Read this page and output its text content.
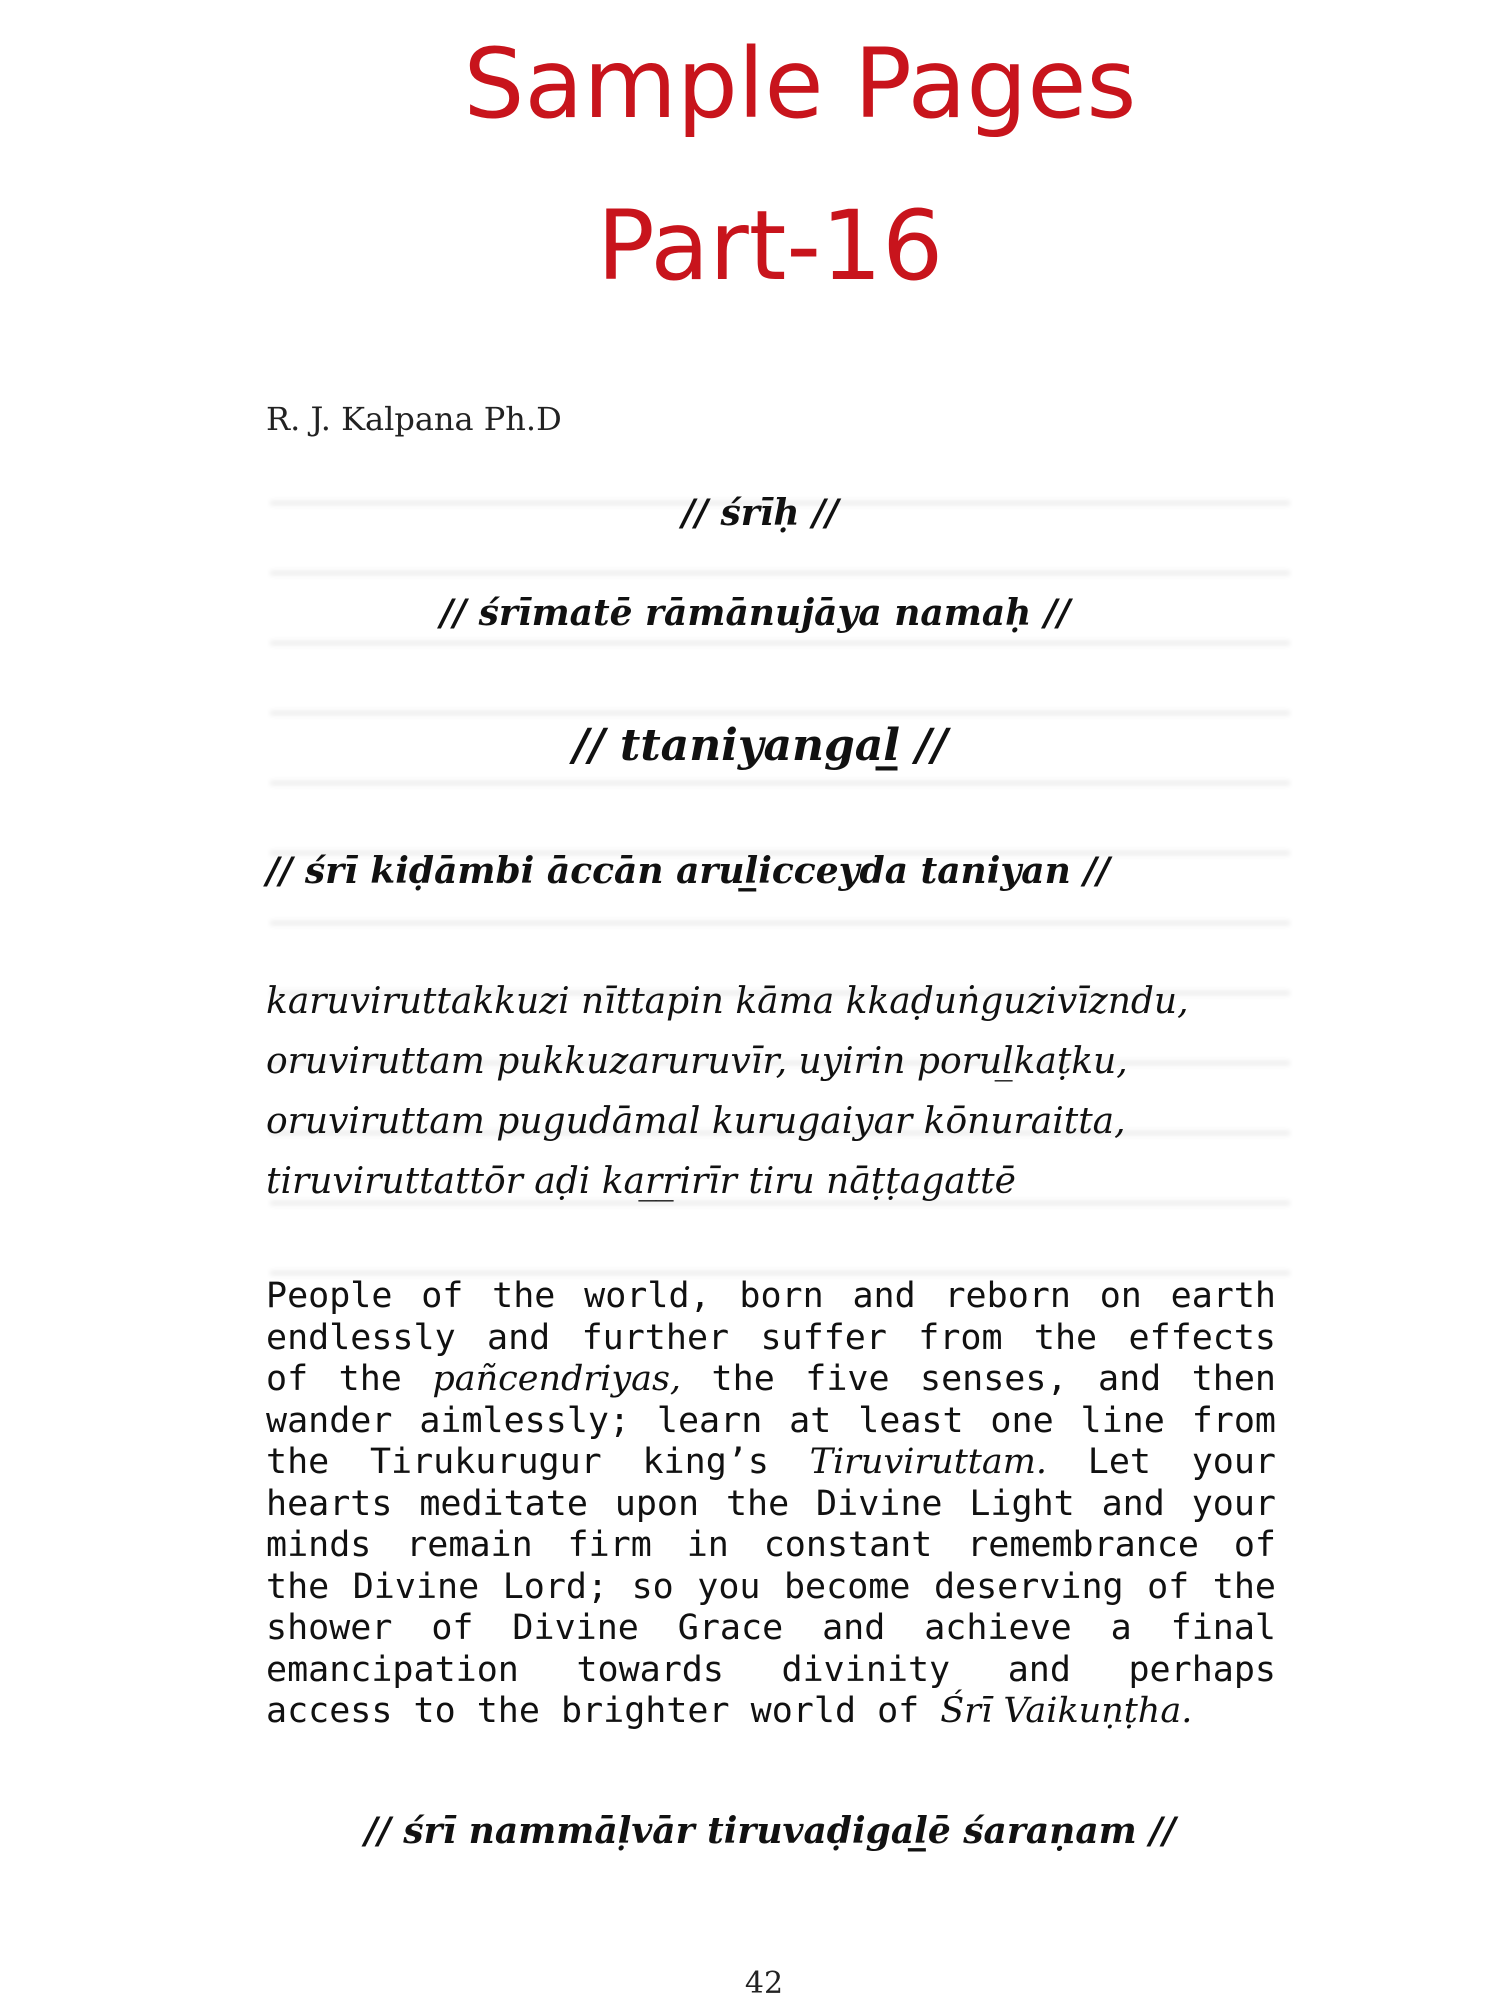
Sample Pages
Part-16
R. J. Kalpana Ph.D
// śrīḥ //
// śrīmatē rāmānujāya namaḥ //
// ttaniyangal̲ //
// śrī kiḍāmbi āccān arul̲icceyda taniyan //
karuviruttakkuzi nīttapin kāma kkaḍuṅguzivīzndu,
oruviruttam pukkuzaruruvīr, uyirin porul̲kaṭku,
oruviruttam pugudāmal kurugaiyar kōnuraitta,
tiruviruttattōr aḍi kar̲r̲irīr tiru nāṭṭagattē
People of the world, born and reborn on earth endlessly and further suffer from the effects of the pañcendriyas, the five senses, and then wander aimlessly; learn at least one line from the Tirukurugur king’s Tiruviruttam. Let your hearts meditate upon the Divine Light and your minds remain firm in constant remembrance of the Divine Lord; so you become deserving of the shower of Divine Grace and achieve a final emancipation towards divinity and perhaps access to the brighter world of Śrī Vaikuṇṭha.
// śrī nammāḷvār tiruvaḍigal̲ē śaraṇam //
42
